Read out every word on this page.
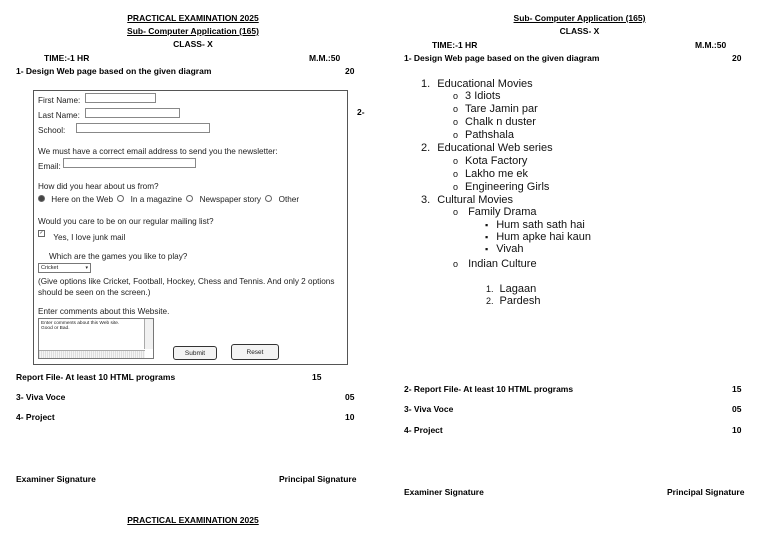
PRACTICAL EXAMINATION 2025
Sub- Computer Application (165)
CLASS- X
TIME:-1 HR	M.M.:50
1- Design Web page based on the given diagram	20
2-
First Name:
Last Name:
School:
We must have a correct email address to send you the newsletter:
Email:
How did you hear about us from?
Here on the Web In a magazine Newspaper story Other
Would you care to be on our regular mailing list?
✓ Yes, I love junk mail
Which are the games you like to play?
Cricket	▾
(Give options like Cricket, Football, Hockey, Chess and Tennis. And only 2 options
should be seen on the screen.)
Enter comments about this Website.
Enter comments about this Web site.
Good or Bad.
Submit	Reset
Report File- At least 10 HTML programs	15
3- Viva Voce	05
4- Project	10
Examiner Signature	Principal Signature
PRACTICAL EXAMINATION 2025
Sub- Computer Application (165)
CLASS- X
TIME:-1 HR	M.M.:50
1- Design Web page based on the given diagram	20
1. Educational Movies
o 3 Idiots
o Tare Jamin par
o Chalk n duster
o Pathshala
2. Educational Web series
o Kota Factory
o Lakho me ek
o Engineering Girls
3. Cultural Movies
o Family Drama
▪ Hum sath sath hai
▪ Hum apke hai kaun
▪ Vivah
o Indian Culture
1. Lagaan
2. Pardesh
2- Report File- At least 10 HTML programs	15
3- Viva Voce	05
4- Project	10
Examiner Signature	Principal Signature
